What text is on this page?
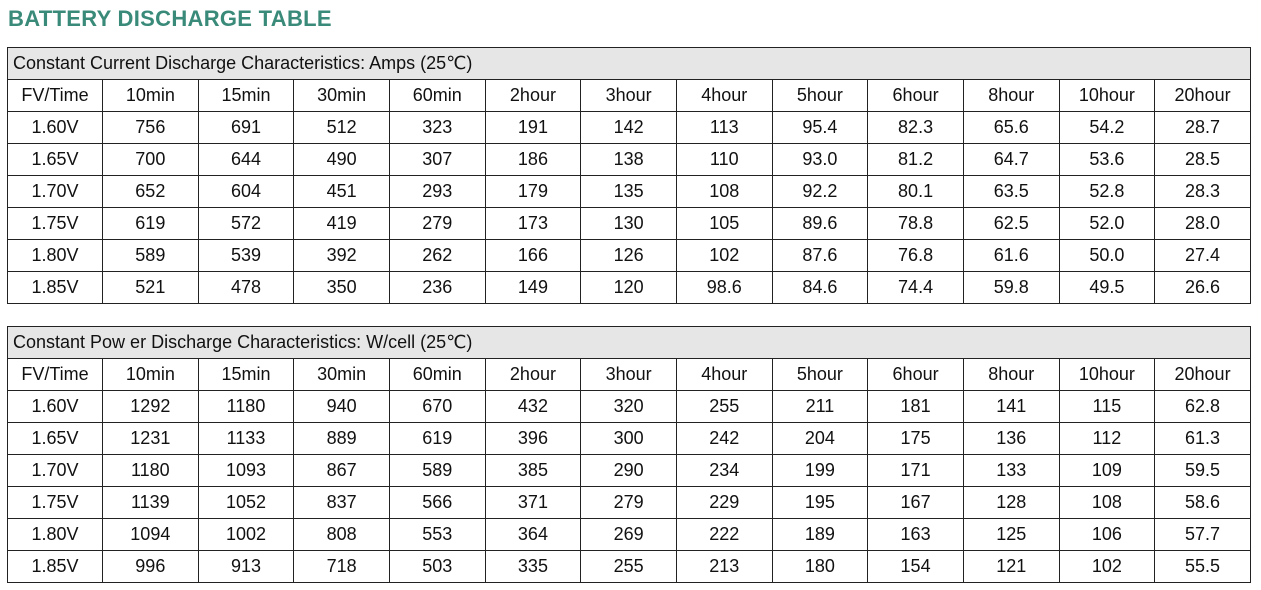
BATTERY DISCHARGE TABLE
Constant Current Discharge Characteristics: Amps (25℃)												
FV/Time	10min	15min	30min	60min	2hour	3hour	4hour	5hour	6hour	8hour	10hour	20hour
1.60V	756	691	512	323	191	142	113	95.4	82.3	65.6	54.2	28.7
1.65V	700	644	490	307	186	138	110	93.0	81.2	64.7	53.6	28.5
1.70V	652	604	451	293	179	135	108	92.2	80.1	63.5	52.8	28.3
1.75V	619	572	419	279	173	130	105	89.6	78.8	62.5	52.0	28.0
1.80V	589	539	392	262	166	126	102	87.6	76.8	61.6	50.0	27.4
1.85V	521	478	350	236	149	120	98.6	84.6	74.4	59.8	49.5	26.6
Constant Pow er Discharge Characteristics: W/cell (25℃)												
FV/Time	10min	15min	30min	60min	2hour	3hour	4hour	5hour	6hour	8hour	10hour	20hour
1.60V	1292	1180	940	670	432	320	255	211	181	141	115	62.8
1.65V	1231	1133	889	619	396	300	242	204	175	136	112	61.3
1.70V	1180	1093	867	589	385	290	234	199	171	133	109	59.5
1.75V	1139	1052	837	566	371	279	229	195	167	128	108	58.6
1.80V	1094	1002	808	553	364	269	222	189	163	125	106	57.7
1.85V	996	913	718	503	335	255	213	180	154	121	102	55.5
